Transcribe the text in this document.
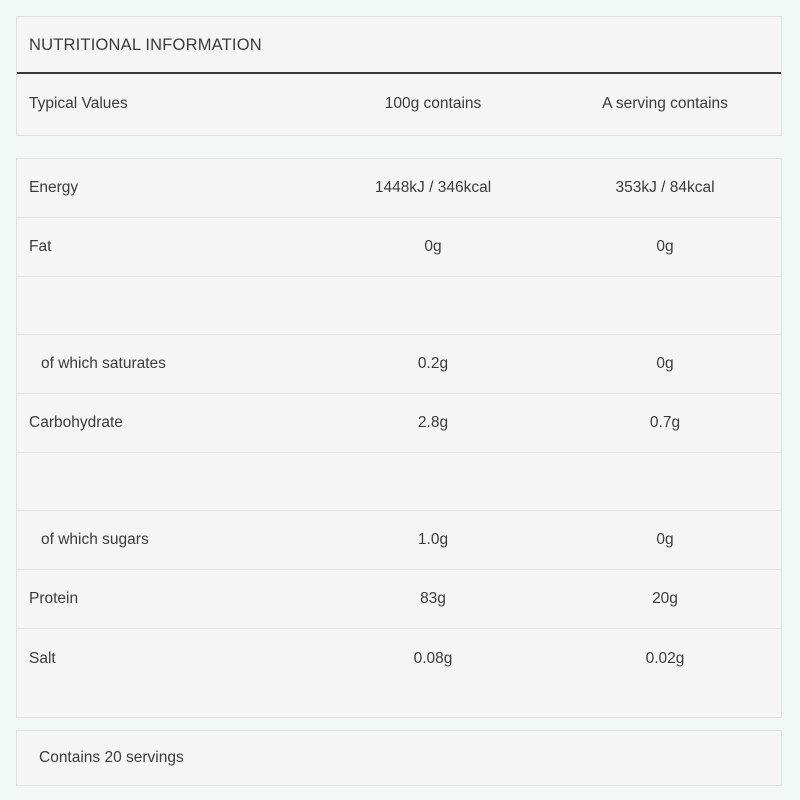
NUTRITIONAL INFORMATION
Typical Values	100g contains	A serving contains
Energy	1448kJ / 346kcal	353kJ / 84kcal
Fat	0g	0g
of which saturates	0.2g	0g
Carbohydrate	2.8g	0.7g
of which sugars	1.0g	0g
Protein	83g	20g
Salt	0.08g	0.02g
Contains 20 servings
